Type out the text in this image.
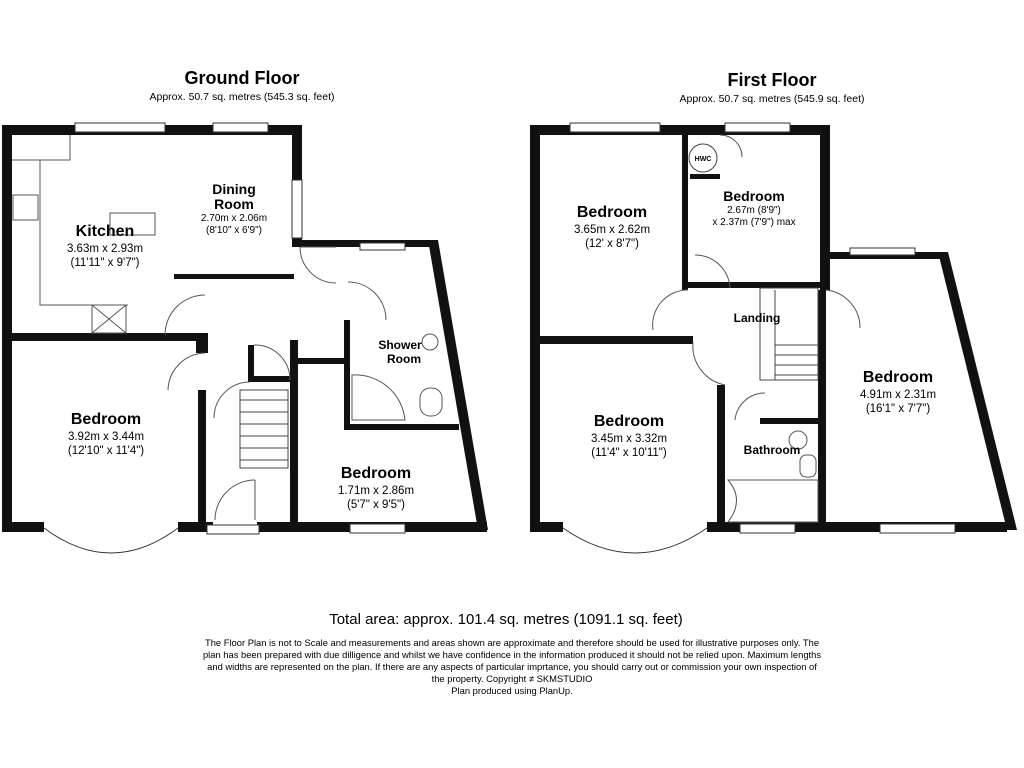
Ground Floor
Approx. 50.7 sq. metres (545.3 sq. feet)
First Floor
Approx. 50.7 sq. metres (545.9 sq. feet)
Kitchen
3.63m x 2.93m
(11'11" x 9'7")
Dining
Room
2.70m x 2.06m
(8'10" x 6'9")
Bedroom
3.92m x 3.44m
(12'10" x 11'4")
Bedroom
1.71m x 2.86m
(5'7" x 9'5")
Shower
Room
Bedroom
3.65m x 2.62m
(12' x 8'7")
Bedroom
2.67m (8'9")
x 2.37m (7'9") max
HWC
Landing
Bedroom
3.45m x 3.32m
(11'4" x 10'11")
Bedroom
4.91m x 2.31m
(16'1" x 7'7")
Bathroom
Total area: approx. 101.4 sq. metres (1091.1 sq. feet)
The Floor Plan is not to Scale and measurements and areas shown are approximate and therefore should be used for illustrative purposes only. The
plan has been prepared with due dilligence and whilst we have confidence in the information produced it should not be relied upon. Maximum lengths
and widths are represented on the plan. If there are any aspects of particular imprtance, you should carry out or commission your own inspection of
the property. Copyright ≠ SKMSTUDIO
Plan produced using PlanUp.
